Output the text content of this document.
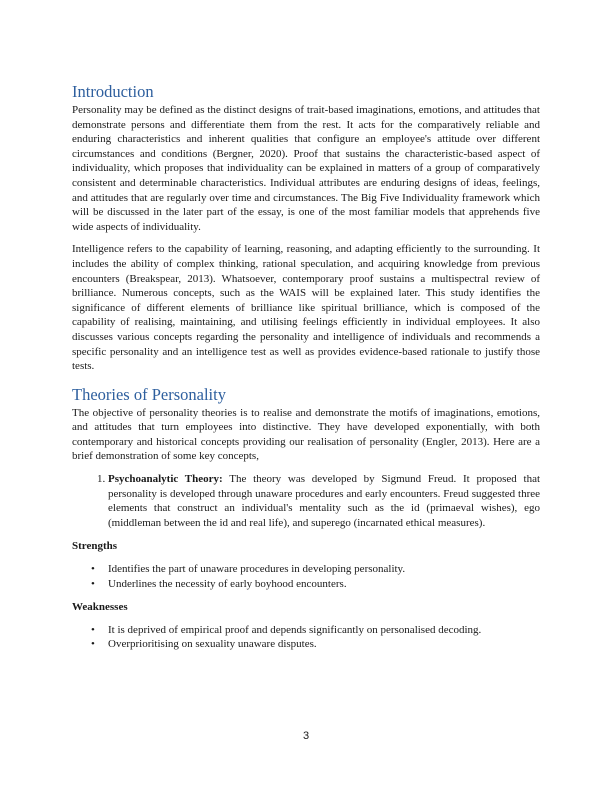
Introduction

Personality may be defined as the distinct designs of trait-based imaginations, emotions, and attitudes that demonstrate persons and differentiate them from the rest. It acts for the comparatively reliable and enduring characteristics and inherent qualities that configure an employee's attitude over different circumstances and conditions (Bergner, 2020). Proof that sustains the characteristic-based aspect of individuality, which proposes that individuality can be explained in matters of a group of comparatively consistent and determinable characteristics. Individual attributes are enduring designs of ideas, feelings, and attitudes that are regularly over time and circumstances. The Big Five Individuality framework which will be discussed in the later part of the essay, is one of the most familiar models that apprehends five wide aspects of individuality.

Intelligence refers to the capability of learning, reasoning, and adapting efficiently to the surrounding. It includes the ability of complex thinking, rational speculation, and acquiring knowledge from previous encounters (Breakspear, 2013). Whatsoever, contemporary proof sustains a multispectral review of brilliance. Numerous concepts, such as the WAIS will be explained later. This study identifies the significance of different elements of brilliance like spiritual brilliance, which is composed of the capability of realising, maintaining, and utilising feelings efficiently in individual employees. It also discusses various concepts regarding the personality and intelligence of individuals and recommends a specific personality and an intelligence test as well as provides evidence-based rationale to justify those tests.

Theories of Personality

The objective of personality theories is to realise and demonstrate the motifs of imaginations, emotions, and attitudes that turn employees into distinctive. They have developed exponentially, with both contemporary and historical concepts providing our realisation of personality (Engler, 2013). Here are a brief demonstration of some key concepts,

1. Psychoanalytic Theory: The theory was developed by Sigmund Freud. It proposed that personality is developed through unaware procedures and early encounters. Freud suggested three elements that construct an individual's mentality such as the id (primaeval wishes), ego (middleman between the id and real life), and superego (incarnated ethical measures).
Strengths
• Identifies the part of unaware procedures in developing personality.
• Underlines the necessity of early boyhood encounters.
Weaknesses
• It is deprived of empirical proof and depends significantly on personalised decoding.
• Overprioritising on sexuality unaware disputes.
3
